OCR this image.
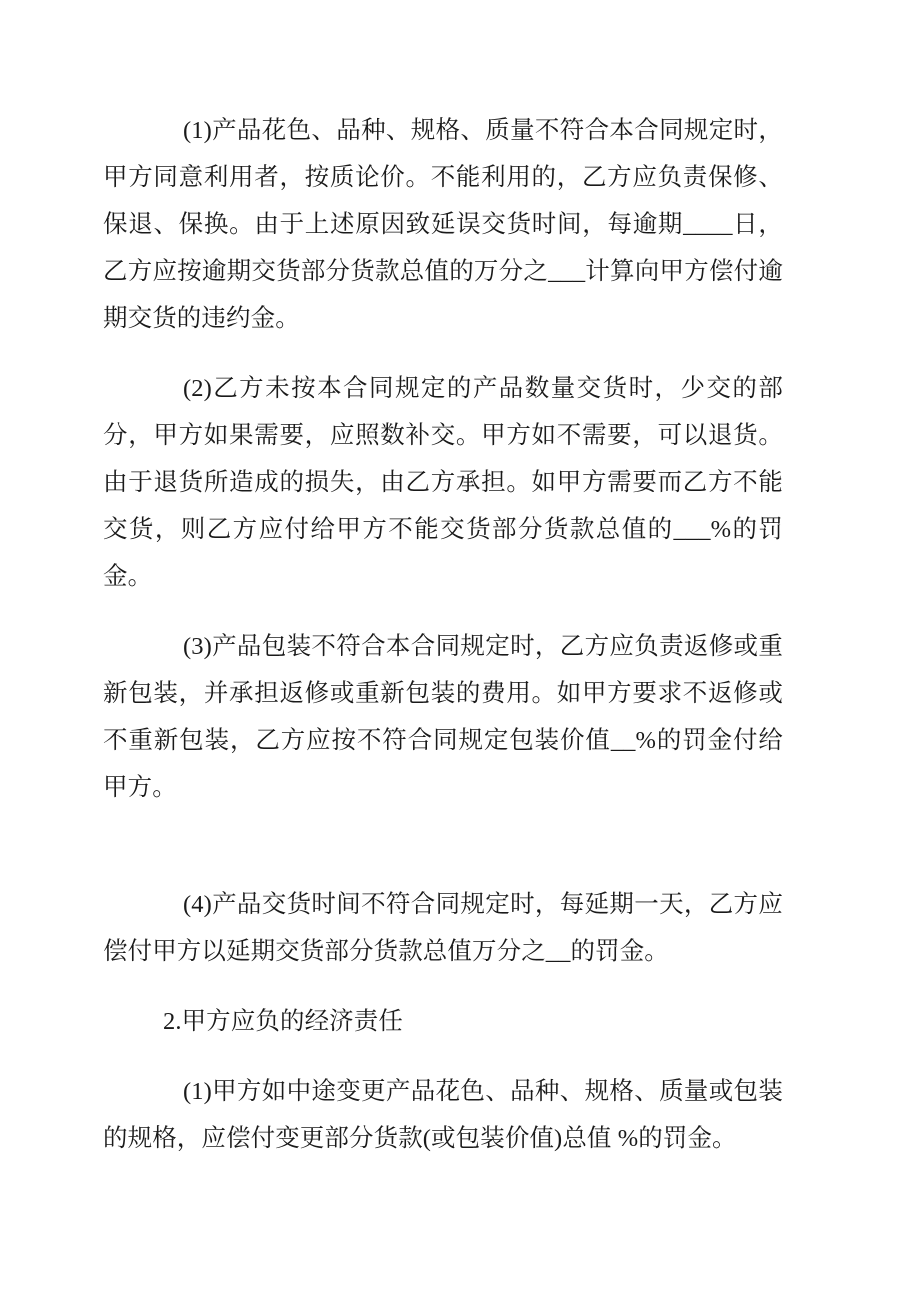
(1)产品花色、品种、规格、质量不符合本合同规定时，甲方同意利用者，按质论价。不能利用的，乙方应负责保修、保退、保换。由于上述原因致延误交货时间，每逾期____日，乙方应按逾期交货部分货款总值的万分之___计算向甲方偿付逾期交货的违约金。

(2)乙方未按本合同规定的产品数量交货时，少交的部分，甲方如果需要，应照数补交。甲方如不需要，可以退货。由于退货所造成的损失，由乙方承担。如甲方需要而乙方不能交货，则乙方应付给甲方不能交货部分货款总值的___%的罚金。

(3)产品包装不符合本合同规定时，乙方应负责返修或重新包装，并承担返修或重新包装的费用。如甲方要求不返修或不重新包装，乙方应按不符合同规定包装价值__%的罚金付给甲方。

(4)产品交货时间不符合同规定时，每延期一天，乙方应偿付甲方以延期交货部分货款总值万分之__的罚金。

2.甲方应负的经济责任

(1)甲方如中途变更产品花色、品种、规格、质量或包装的规格，应偿付变更部分货款(或包装价值)总值 %的罚金。
